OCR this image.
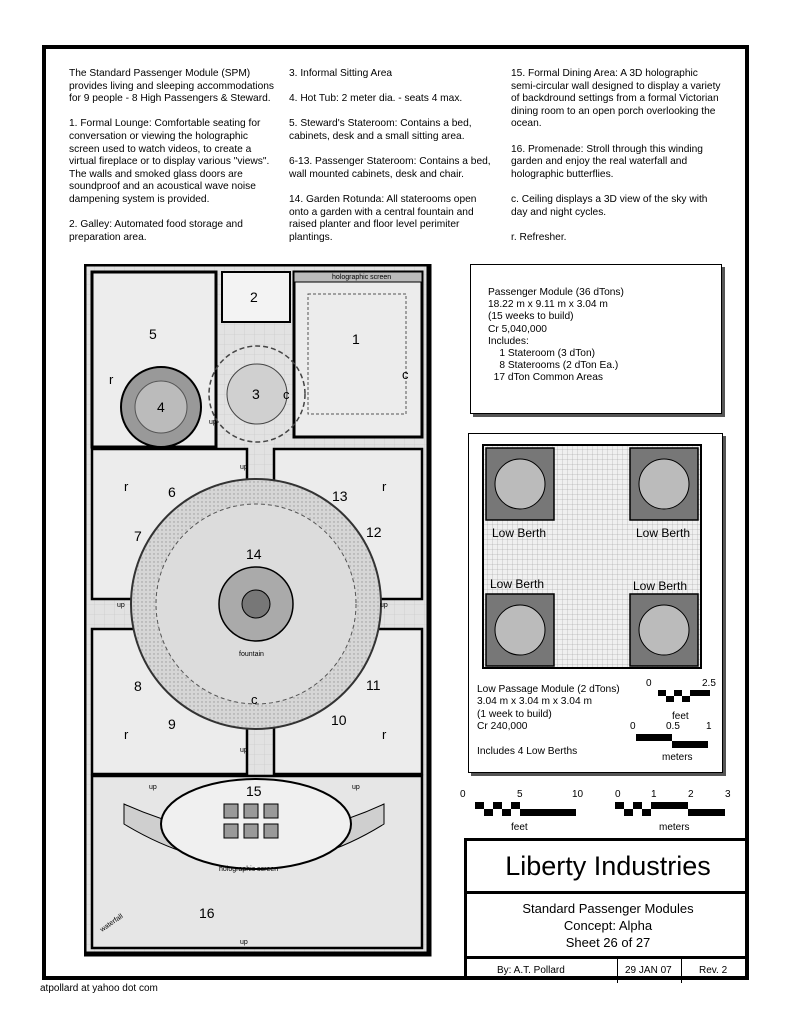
The Standard Passenger Module (SPM) provides living and sleeping accommodations for 9 people - 8 High Passengers & Steward.

1. Formal Lounge: Comfortable seating for conversation or viewing the holographic screen used to watch videos, to create a virtual fireplace or to display various "views". The walls and smoked glass doors are soundproof and an acoustical wave noise dampening system is provided.

2. Galley: Automated food storage and preparation area.

3. Informal Sitting Area

4. Hot Tub: 2 meter dia. - seats 4 max.

5. Steward's Stateroom: Contains a bed, cabinets, desk and a small sitting area.

6-13. Passenger Stateroom: Contains a bed, wall mounted cabinets, desk and chair.

14. Garden Rotunda: All staterooms open onto a garden with a central fountain and raised planter and floor level perimiter plantings.

15. Formal Dining Area: A 3D holographic semi-circular wall designed to display a variety of backdround settings from a formal Victorian dining room to an open porch overlooking the ocean.

16. Promenade: Stroll through this winding garden and enjoy the real waterfall and holographic butterflies.

c. Ceiling displays a 3D view of the sky with day and night cycles.

r. Refresher.

holographic screen
holographic screen
fountain
waterfall
1
2
3
4
5
6
7
8
9	10
11
12
13
14
15
16
r
r	r
r	r
c
c
c
up
up	up
up
up	up
up
up
Passenger Module (36 dTons)
18.22 m x 9.11 m x 3.04 m
(15 weeks to build)
Cr 5,040,000
Includes:
1 Stateroom (3 dTon)
8 Staterooms (2 dTon Ea.)
17 dTon Common Areas
Low Berth	Low Berth
Low Berth	Low Berth
Low Passage Module (2 dTons)
3.04 m x 3.04 m x 3.04 m
(1 week to build)
Cr 240,000

Includes 4 Low Berths
0	2.5
feet
0	0.5	1
meters
0	5	10
feet
0	1	2	3
meters
Liberty Industries
Standard Passenger Modules
Concept: Alpha
Sheet 26 of 27
By: A.T. Pollard	29 JAN 07	Rev. 2
atpollard at yahoo dot com
